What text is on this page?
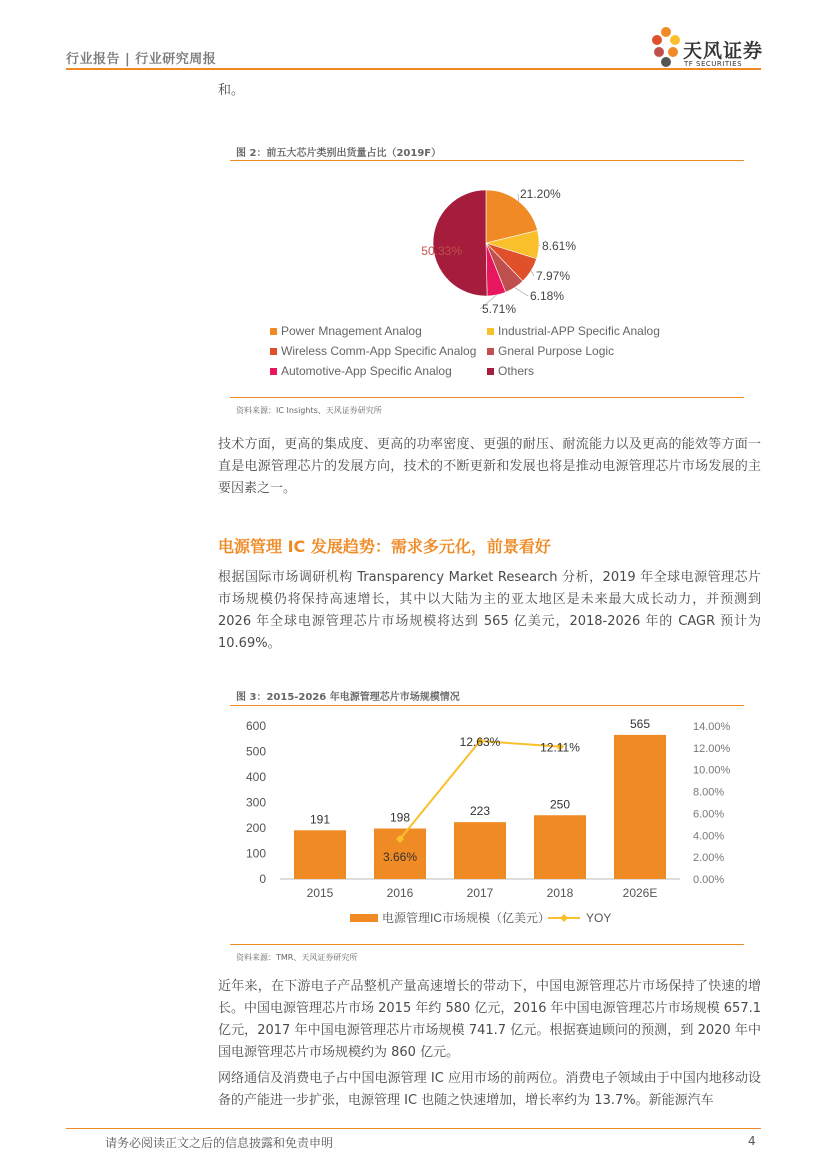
行业报告 | 行业研究周报	天风证券
TF SECURITIES
和。
图 2：前五大芯片类别出货量占比（2019F）
21.20%
8.61%
7.97%
6.18%
5.71%
50.33%
Power Mnagement Analog	Industrial-APP Specific Analog
Wireless Comm-App Specific Analog Gneral Purpose Logic
Automotive-App Specific Analog	Others
资料来源：IC Insights、天风证券研究所
技术方面，更高的集成度、更高的功率密度、更强的耐压、耐流能力以及更高的能效等方面一直是电源管理芯片的发展方向，技术的不断更新和发展也将是推动电源管理芯片市场发展的主要因素之一。
电源管理 IC 发展趋势：需求多元化，前景看好
根据国际市场调研机构 Transparency Market Research 分析，2019 年全球电源管理芯片市场规模仍将保持高速增长，其中以大陆为主的亚太地区是未来最大成长动力，并预测到 2026 年全球电源管理芯片市场规模将达到 565 亿美元，2018-2026 年的 CAGR 预计为 10.69%。
图 3：2015-2026 年电源管理芯片市场规模情况
0
100
200
300
400
500
600
0.00%
2.00%
4.00%
6.00%
8.00%
10.00%
12.00%
14.00%
191
2015
198
2016
223
2017
250
2018
565
2026E
3.66%
12.63%	12.11%
电源管理IC市场规模（亿美元）	YOY
资料来源：TMR、天风证券研究所
近年来，在下游电子产品整机产量高速增长的带动下，中国电源管理芯片市场保持了快速的增长。中国电源管理芯片市场 2015 年约 580 亿元，2016 年中国电源管理芯片市场规模 657.1 亿元，2017 年中国电源管理芯片市场规模 741.7 亿元。根据赛迪顾问的预测，到 2020 年中国电源管理芯片市场规模约为 860 亿元。
网络通信及消费电子占中国电源管理 IC 应用市场的前两位。消费电子领域由于中国内地移动设备的产能进一步扩张，电源管理 IC 也随之快速增加，增长率约为 13.7%。新能源汽车
请务必阅读正文之后的信息披露和免责申明	4
